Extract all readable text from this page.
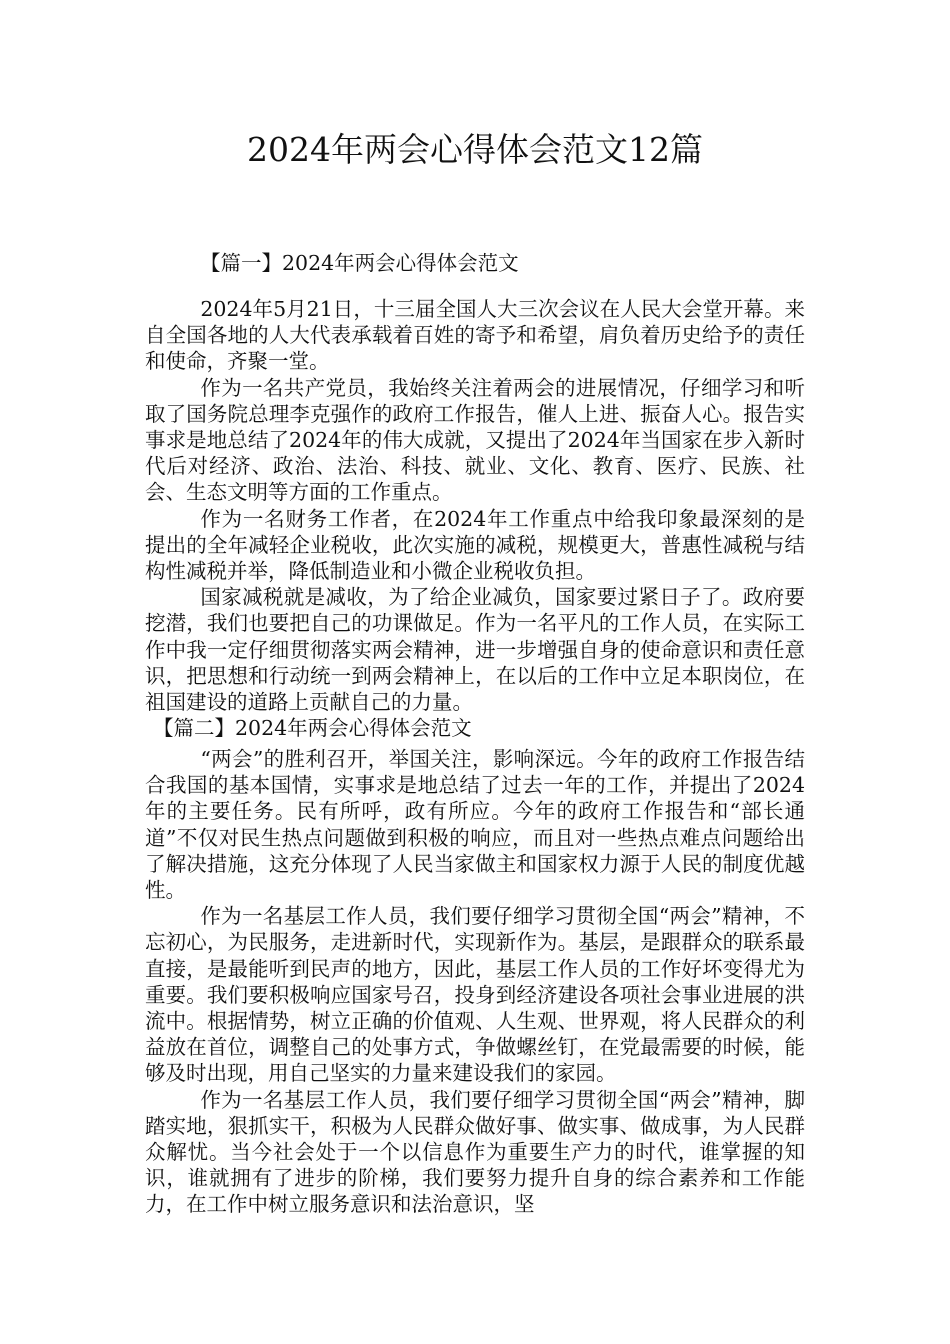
2024年两会心得体会范文12篇
【篇一】2024年两会心得体会范文

2024年5月21日，十三届全国人大三次会议在人民大会堂开幕。来自全国各地的人大代表承载着百姓的寄予和希望，肩负着历史给予的责任和使命，齐聚一堂。

作为一名共产党员，我始终关注着两会的进展情况，仔细学习和听取了国务院总理李克强作的政府工作报告，催人上进、振奋人心。报告实事求是地总结了2024年的伟大成就，又提出了2024年当国家在步入新时代后对经济、政治、法治、科技、就业、文化、教育、医疗、民族、社会、生态文明等方面的工作重点。

作为一名财务工作者，在2024年工作重点中给我印象最深刻的是提出的全年减轻企业税收，此次实施的减税，规模更大，普惠性减税与结构性减税并举，降低制造业和小微企业税收负担。

国家减税就是减收，为了给企业减负，国家要过紧日子了。政府要挖潜，我们也要把自己的功课做足。作为一名平凡的工作人员，在实际工作中我一定仔细贯彻落实两会精神，进一步增强自身的使命意识和责任意识，把思想和行动统一到两会精神上，在以后的工作中立足本职岗位，在祖国建设的道路上贡献自己的力量。

【篇二】2024年两会心得体会范文

“两会”的胜利召开，举国关注，影响深远。今年的政府工作报告结合我国的基本国情，实事求是地总结了过去一年的工作，并提出了2024年的主要任务。民有所呼，政有所应。今年的政府工作报告和“部长通道”不仅对民生热点问题做到积极的响应，而且对一些热点难点问题给出了解决措施，这充分体现了人民当家做主和国家权力源于人民的制度优越性。

作为一名基层工作人员，我们要仔细学习贯彻全国“两会”精神，不忘初心，为民服务，走进新时代，实现新作为。基层，是跟群众的联系最直接，是最能听到民声的地方，因此，基层工作人员的工作好坏变得尤为重要。我们要积极响应国家号召，投身到经济建设各项社会事业进展的洪流中。根据情势，树立正确的价值观、人生观、世界观，将人民群众的利益放在首位，调整自己的处事方式，争做螺丝钉，在党最需要的时候，能够及时出现，用自己坚实的力量来建设我们的家园。

作为一名基层工作人员，我们要仔细学习贯彻全国“两会”精神，脚踏实地，狠抓实干，积极为人民群众做好事、做实事、做成事，为人民群众解忧。当今社会处于一个以信息作为重要生产力的时代，谁掌握的知识，谁就拥有了进步的阶梯，我们要努力提升自身的综合素养和工作能力，在工作中树立服务意识和法治意识，坚
